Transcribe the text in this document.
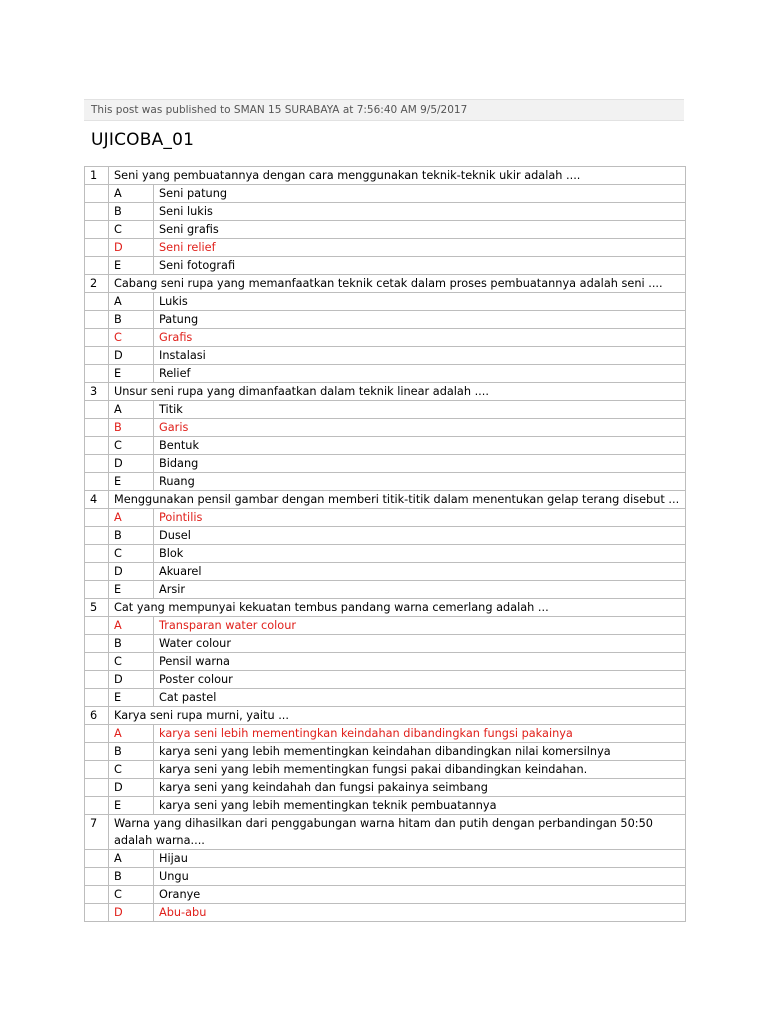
This post was published to SMAN 15 SURABAYA at 7:56:40 AM 9/5/2017
UJICOBA_01
1	Seni yang pembuatannya dengan cara menggunakan teknik-teknik ukir adalah ....	
	A	Seni patung
	B	Seni lukis
	C	Seni grafis
	D	Seni relief
	E	Seni fotografi
2	Cabang seni rupa yang memanfaatkan teknik cetak dalam proses pembuatannya adalah seni ....	
	A	Lukis
	B	Patung
	C	Grafis
	D	Instalasi
	E	Relief
3	Unsur seni rupa yang dimanfaatkan dalam teknik linear adalah ....	
	A	Titik
	B	Garis
	C	Bentuk
	D	Bidang
	E	Ruang
4	Menggunakan pensil gambar dengan memberi titik-titik dalam menentukan gelap terang disebut ...	
	A	Pointilis
	B	Dusel
	C	Blok
	D	Akuarel
	E	Arsir
5	Cat yang mempunyai kekuatan tembus pandang warna cemerlang adalah ...	
	A	Transparan water colour
	B	Water colour
	C	Pensil warna
	D	Poster colour
	E	Cat pastel
6	Karya seni rupa murni, yaitu ...	
	A	karya seni lebih mementingkan keindahan dibandingkan fungsi pakainya
	B	karya seni yang lebih mementingkan keindahan dibandingkan nilai komersilnya
	C	karya seni yang lebih mementingkan fungsi pakai dibandingkan keindahan.
	D	karya seni yang keindahah dan fungsi pakainya seimbang
	E	karya seni yang lebih mementingkan teknik pembuatannya
7	Warna yang dihasilkan dari penggabungan warna hitam dan putih dengan perbandingan 50:50 adalah warna....	
	A	Hijau
	B	Ungu
	C	Oranye
	D	Abu-abu
